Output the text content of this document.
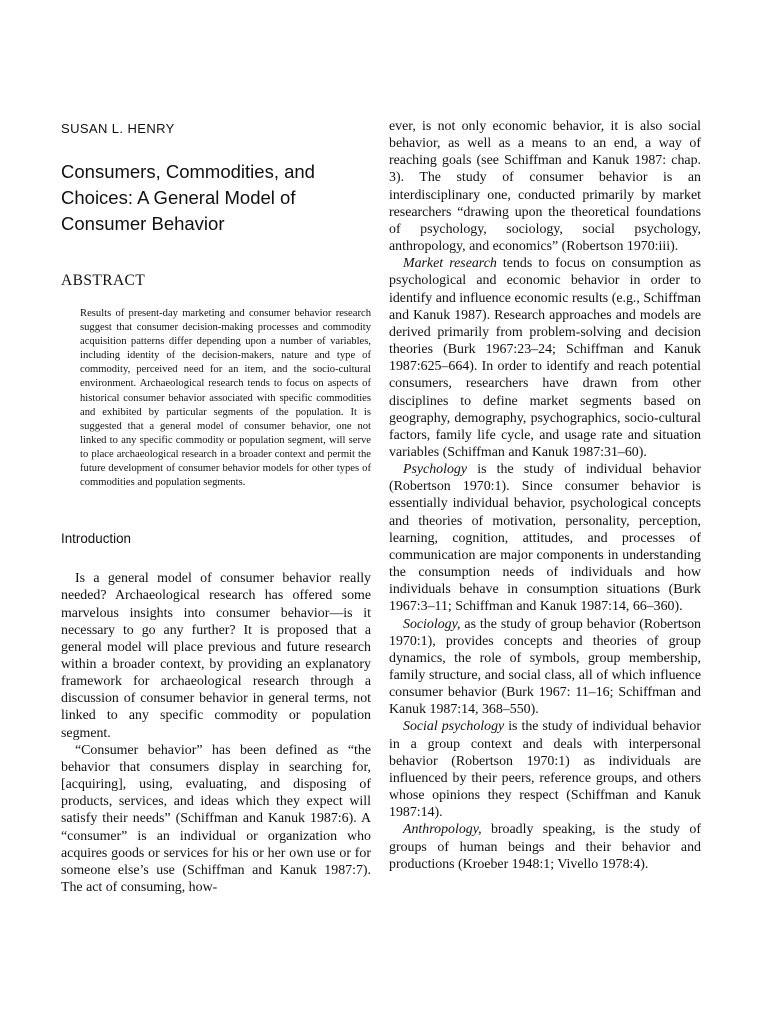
SUSAN L. HENRY
Consumers, Commodities, and Choices: A General Model of Consumer Behavior
ABSTRACT

Results of present-day marketing and consumer behavior research suggest that consumer decision-making processes and commodity acquisition patterns differ depending upon a number of variables, including identity of the decision-makers, nature and type of commodity, perceived need for an item, and the socio-cultural environment. Archaeological research tends to focus on aspects of historical consumer behavior associated with specific commodities and exhibited by particular segments of the population. It is suggested that a general model of consumer behavior, one not linked to any specific commodity or population segment, will serve to place archaeological research in a broader context and permit the future development of consumer behavior models for other types of commodities and population segments.

Introduction

Is a general model of consumer behavior really needed? Archaeological research has offered some marvelous insights into consumer behavior—is it necessary to go any further? It is proposed that a general model will place previous and future research within a broader context, by providing an explanatory framework for archaeological research through a discussion of consumer behavior in general terms, not linked to any specific commodity or population segment.

“Consumer behavior” has been defined as “the behavior that consumers display in searching for, [acquiring], using, evaluating, and disposing of products, services, and ideas which they expect will satisfy their needs” (Schiffman and Kanuk 1987:6). A “consumer” is an individual or organization who acquires goods or services for his or her own use or for someone else’s use (Schiffman and Kanuk 1987:7). The act of consuming, how-

ever, is not only economic behavior, it is also social behavior, as well as a means to an end, a way of reaching goals (see Schiffman and Kanuk 1987: chap. 3). The study of consumer behavior is an interdisciplinary one, conducted primarily by market researchers “drawing upon the theoretical foundations of psychology, sociology, social psychology, anthropology, and economics” (Robertson 1970:iii).

Market research tends to focus on consumption as psychological and economic behavior in order to identify and influence economic results (e.g., Schiffman and Kanuk 1987). Research approaches and models are derived primarily from problem-solving and decision theories (Burk 1967:23–24; Schiffman and Kanuk 1987:625–664). In order to identify and reach potential consumers, researchers have drawn from other disciplines to define market segments based on geography, demography, psychographics, socio-cultural factors, family life cycle, and usage rate and situation variables (Schiffman and Kanuk 1987:31–60).

Psychology is the study of individual behavior (Robertson 1970:1). Since consumer behavior is essentially individual behavior, psychological concepts and theories of motivation, personality, perception, learning, cognition, attitudes, and processes of communication are major components in understanding the consumption needs of individuals and how individuals behave in consumption situations (Burk 1967:3–11; Schiffman and Kanuk 1987:14, 66–360).

Sociology, as the study of group behavior (Robertson 1970:1), provides concepts and theories of group dynamics, the role of symbols, group membership, family structure, and social class, all of which influence consumer behavior (Burk 1967: 11–16; Schiffman and Kanuk 1987:14, 368–550).

Social psychology is the study of individual behavior in a group context and deals with interpersonal behavior (Robertson 1970:1) as individuals are influenced by their peers, reference groups, and others whose opinions they respect (Schiffman and Kanuk 1987:14).

Anthropology, broadly speaking, is the study of groups of human beings and their behavior and productions (Kroeber 1948:1; Vivello 1978:4).
